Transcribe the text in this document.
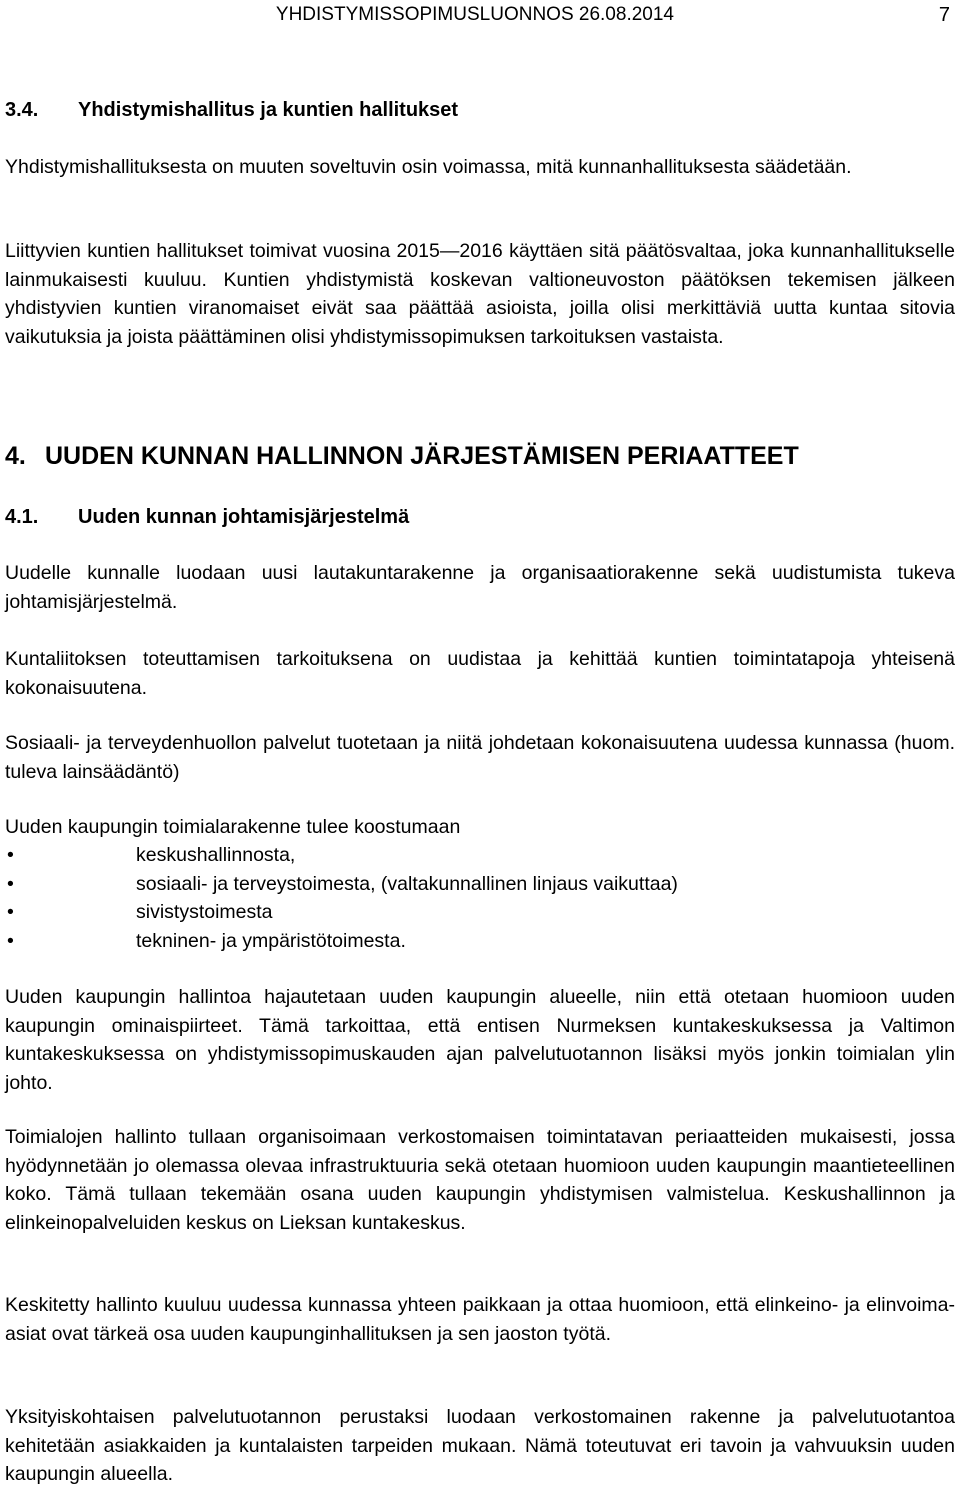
YHDISTYMISSOPIMUSLUONNOS 26.08.2014	7
3.4. Yhdistymishallitus ja kuntien hallitukset

Yhdistymishallituksesta on muuten soveltuvin osin voimassa, mitä kunnanhallituksesta säädetään.

Liittyvien kuntien hallitukset toimivat vuosina 2015—2016 käyttäen sitä päätösvaltaa, joka kunnanhallitukselle lainmukaisesti kuuluu. Kuntien yhdistymistä koskevan valtioneuvoston päätöksen tekemisen jälkeen yhdistyvien kuntien viranomaiset eivät saa päättää asioista, joilla olisi merkittäviä uutta kuntaa sitovia vaikutuksia ja joista päättäminen olisi yhdistymissopimuksen tarkoituksen vastaista.

4. UUDEN KUNNAN HALLINNON JÄRJESTÄMISEN PERIAATTEET
4.1. Uuden kunnan johtamisjärjestelmä

Uudelle kunnalle luodaan uusi lautakuntarakenne ja organisaatiorakenne sekä uudistumista tukeva johtamisjärjestelmä.

Kuntaliitoksen toteuttamisen tarkoituksena on uudistaa ja kehittää kuntien toimintatapoja yhteisenä kokonaisuutena.

Sosiaali- ja terveydenhuollon palvelut tuotetaan ja niitä johdetaan kokonaisuutena uudessa kunnassa (huom. tuleva lainsäädäntö)

Uuden kaupungin toimialarakenne tulee koostumaan

•	keskushallinnosta,
•	sosiaali- ja terveystoimesta, (valtakunnallinen linjaus vaikuttaa)
•	sivistystoimesta
•	tekninen- ja ympäristötoimesta.

Uuden kaupungin hallintoa hajautetaan uuden kaupungin alueelle, niin että otetaan huomioon uuden kaupungin ominaispiirteet. Tämä tarkoittaa, että entisen Nurmeksen kuntakeskuksessa ja Valtimon kuntakeskuksessa on yhdistymissopimuskauden ajan palvelutuotannon lisäksi myös jonkin toimialan ylin johto.

Toimialojen hallinto tullaan organisoimaan verkostomaisen toimintatavan periaatteiden mukaisesti, jossa hyödynnetään jo olemassa olevaa infrastruktuuria sekä otetaan huomioon uuden kaupungin maantieteellinen koko. Tämä tullaan tekemään osana uuden kaupungin yhdistymisen valmistelua. Keskushallinnon ja elinkeinopalveluiden keskus on Lieksan kuntakeskus.

Keskitetty hallinto kuuluu uudessa kunnassa yhteen paikkaan ja ottaa huomioon, että elinkeino- ja elinvoima-asiat ovat tärkeä osa uuden kaupunginhallituksen ja sen jaoston työtä.

Yksityiskohtaisen palvelutuotannon perustaksi luodaan verkostomainen rakenne ja palvelutuotantoa kehitetään asiakkaiden ja kuntalaisten tarpeiden mukaan. Nämä toteutuvat eri tavoin ja vahvuuksin uuden kaupungin alueella.
